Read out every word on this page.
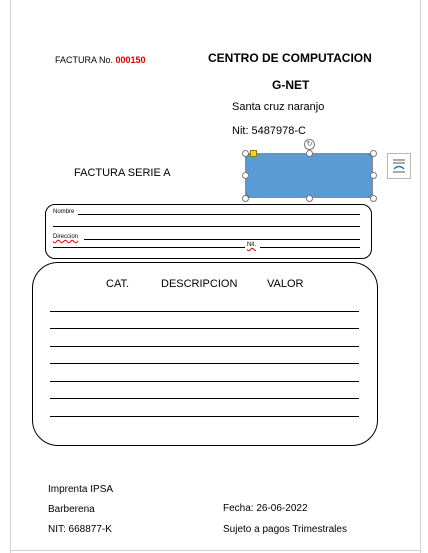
FACTURA No. 000150	CENTRO DE COMPUTACION
G-NET
Santa cruz naranjo
Nit: 5487978-C
FACTURA SERIE A
↻
Nombre
Direccion
Nit.
CAT.	DESCRIPCION	VALOR
Imprenta IPSA
Barberena
NIT: 668877-K
Fecha: 26-06-2022
Sujeto a pagos Trimestrales
